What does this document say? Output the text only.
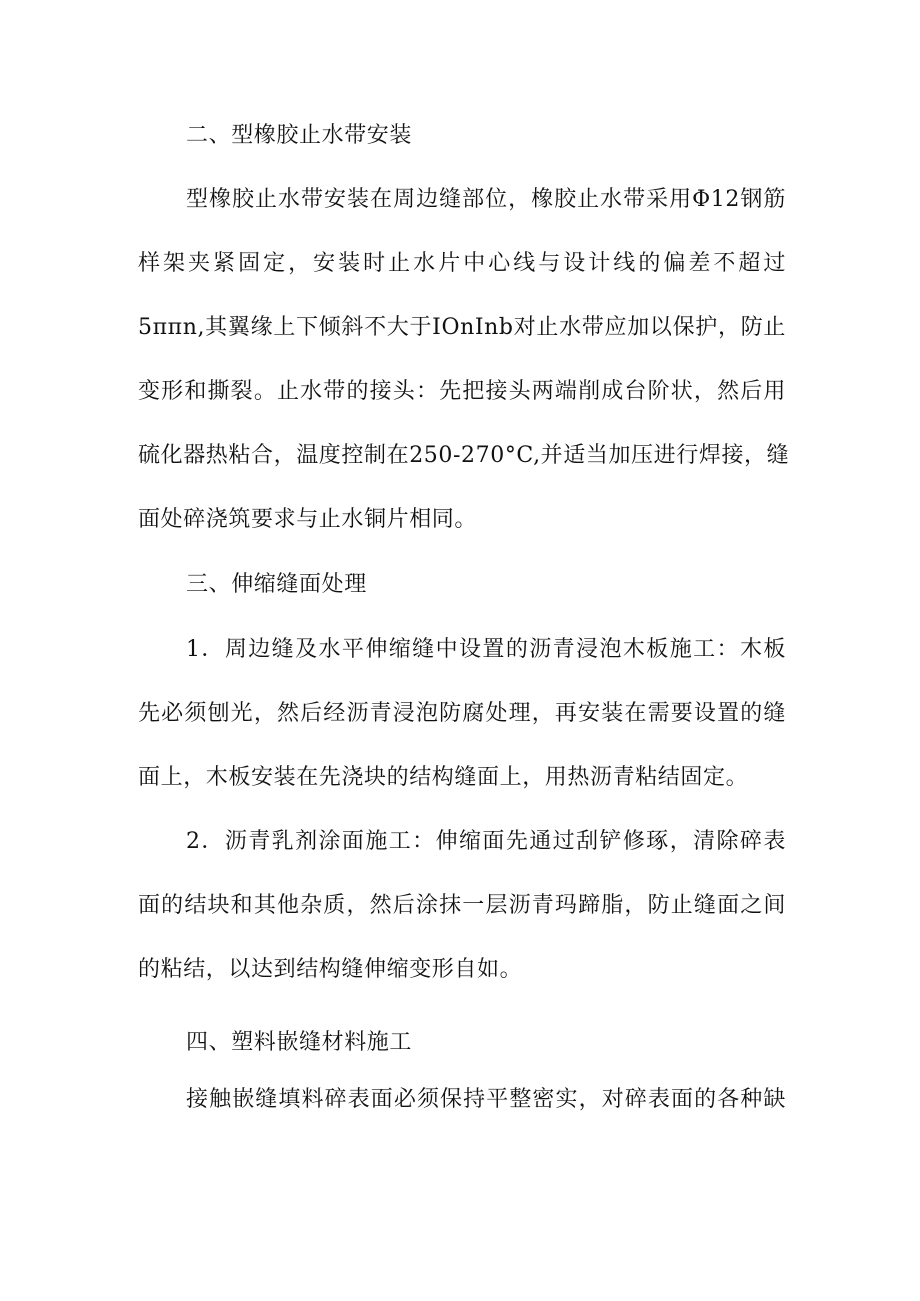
二、型橡胶止水带安装

型橡胶止水带安装在周边缝部位，橡胶止水带采用Φ12钢筋
样架夹紧固定，安装时止水片中心线与设计线的偏差不超过
5ππn,其翼缘上下倾斜不大于IOnInb对止水带应加以保护，防止
变形和撕裂。止水带的接头：先把接头两端削成台阶状，然后用
硫化器热粘合，温度控制在250-270°C,并适当加压进行焊接，缝
面处碎浇筑要求与止水铜片相同。

三、伸缩缝面处理

1．周边缝及水平伸缩缝中设置的沥青浸泡木板施工：木板
先必须刨光，然后经沥青浸泡防腐处理，再安装在需要设置的缝
面上，木板安装在先浇块的结构缝面上，用热沥青粘结固定。
2．沥青乳剂涂面施工：伸缩面先通过刮铲修琢，清除碎表
面的结块和其他杂质，然后涂抹一层沥青玛蹄脂，防止缝面之间
的粘结，以达到结构缝伸缩变形自如。

四、塑料嵌缝材料施工

接触嵌缝填料碎表面必须保持平整密实，对碎表面的各种缺
